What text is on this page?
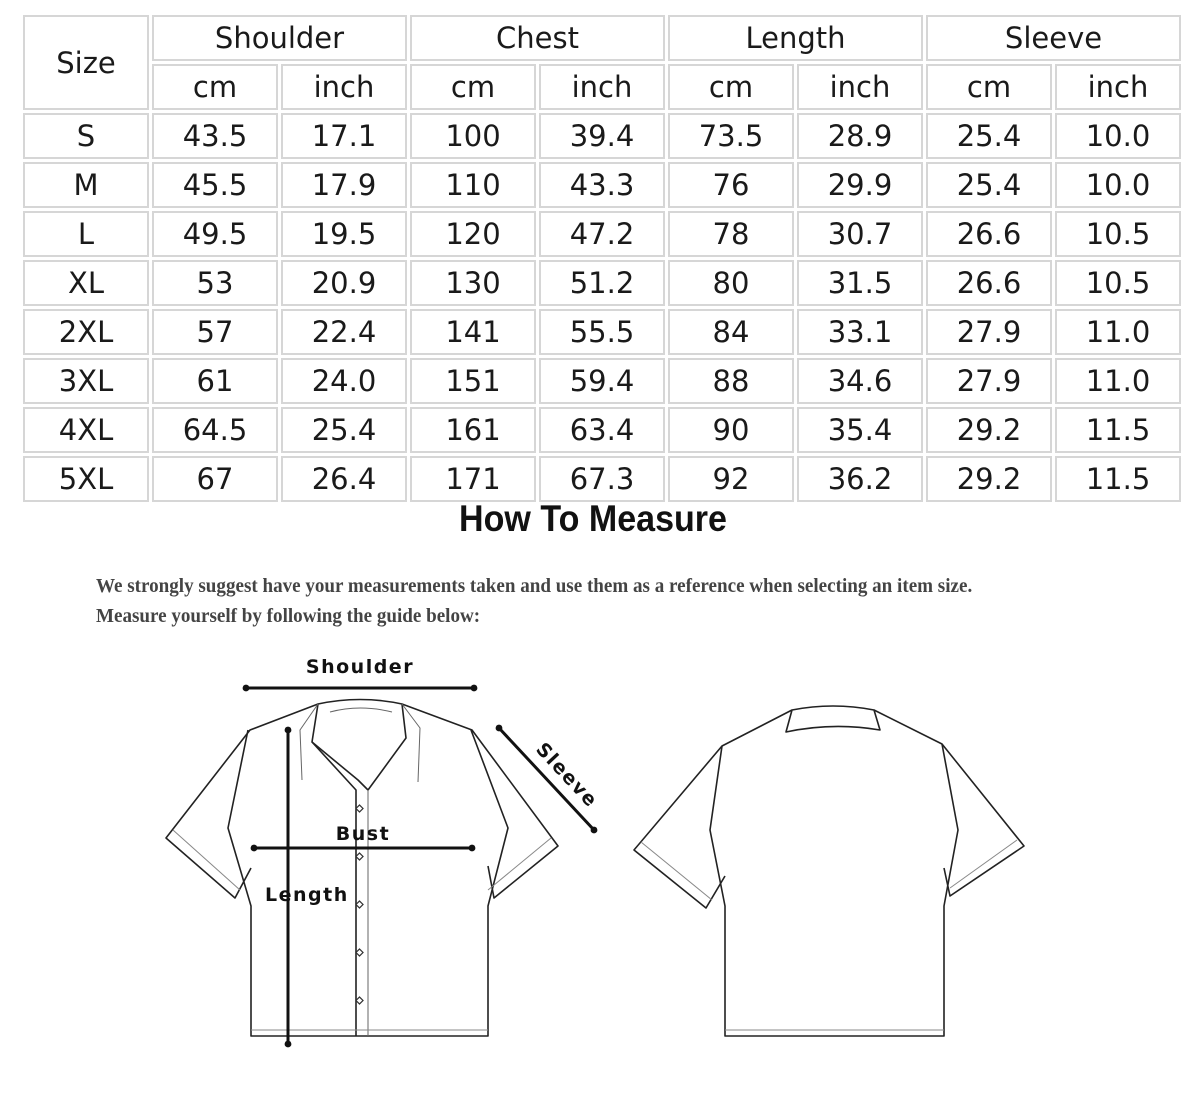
Size	Shoulder		Chest		Length		Sleeve	
	cm	inch	cm	inch	cm	inch	cm	inch
S	43.5	17.1	100	39.4	73.5	28.9	25.4	10.0
M	45.5	17.9	110	43.3	76	29.9	25.4	10.0
L	49.5	19.5	120	47.2	78	30.7	26.6	10.5
XL	53	20.9	130	51.2	80	31.5	26.6	10.5
2XL	57	22.4	141	55.5	84	33.1	27.9	11.0
3XL	61	24.0	151	59.4	88	34.6	27.9	11.0
4XL	64.5	25.4	161	63.4	90	35.4	29.2	11.5
5XL	67	26.4	171	67.3	92	36.2	29.2	11.5
How To Measure
We strongly suggest have your measurements taken and use them as a reference when selecting an item size.
Measure yourself by following the guide below:
Shoulder
Sleeve
Bust
Length
